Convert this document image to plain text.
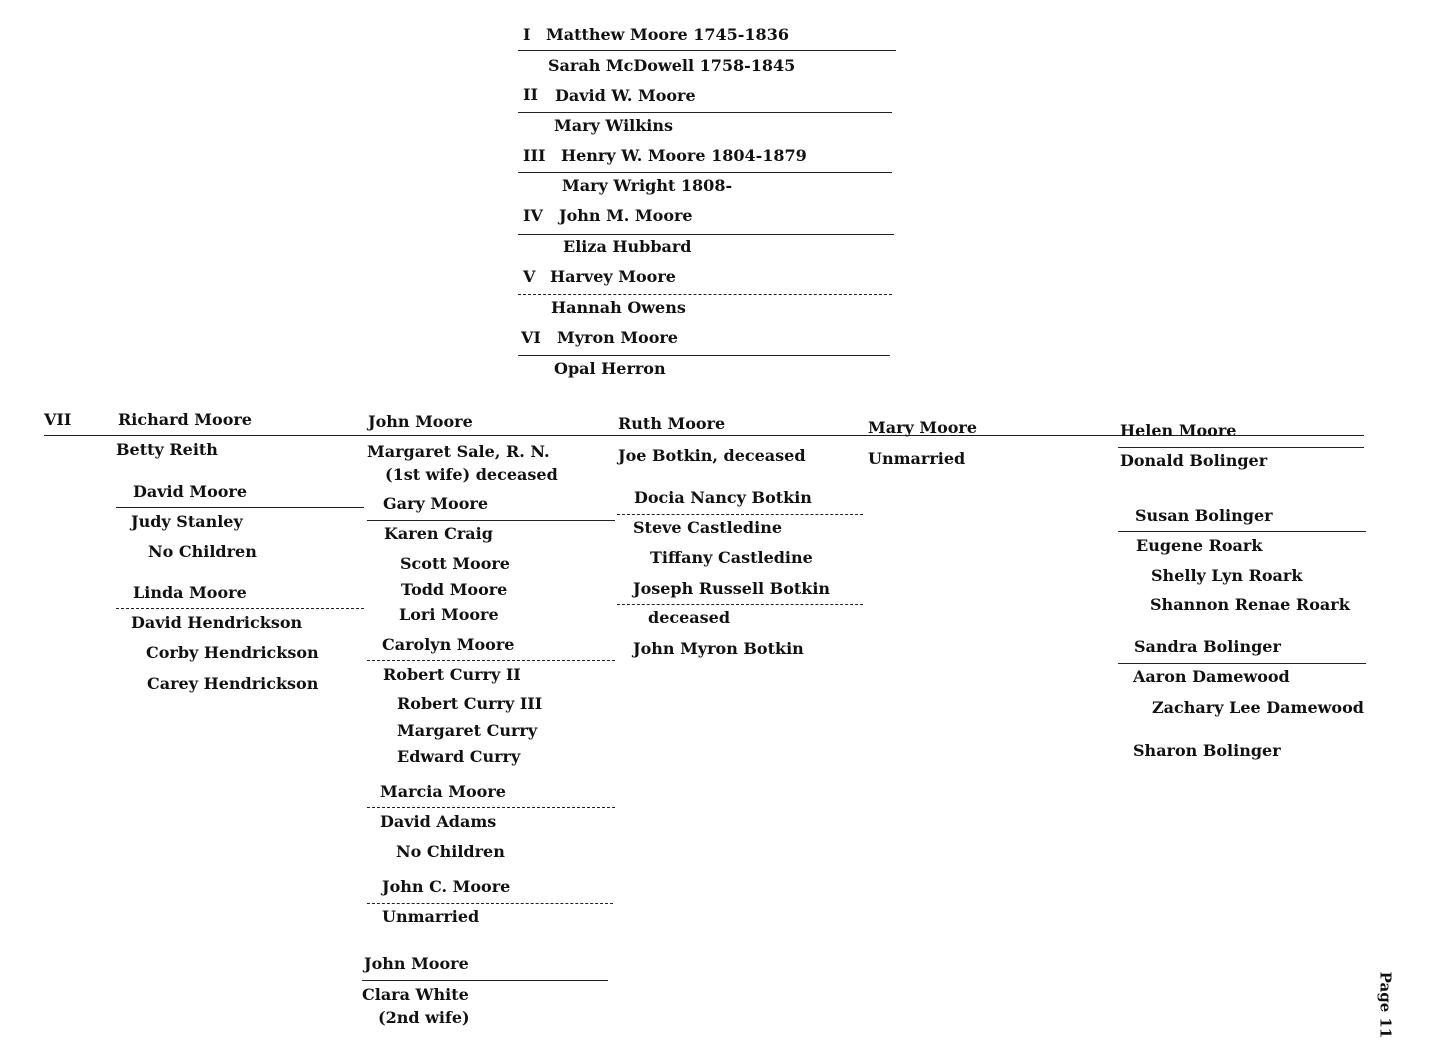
I Matthew Moore 1745-1836
Sarah McDowell 1758-1845
II David W. Moore
Mary Wilkins
III Henry W. Moore 1804-1879
Mary Wright 1808-
IV John M. Moore
Eliza Hubbard
V Harvey Moore
Hannah Owens
VI Myron Moore
Opal Herron
VII	Richard Moore
Betty Reith
David Moore
Judy Stanley
No Children
Linda Moore
David Hendrickson
Corby Hendrickson
Carey Hendrickson
John Moore
Margaret Sale, R. N.
(1st wife) deceased
Gary Moore
Karen Craig
Scott Moore
Todd Moore
Lori Moore
Carolyn Moore
Robert Curry II
Robert Curry III
Margaret Curry
Edward Curry
Marcia Moore
David Adams
No Children
John C. Moore
Unmarried
John Moore
Clara White
(2nd wife)
Ruth Moore
Joe Botkin, deceased
Docia Nancy Botkin
Steve Castledine
Tiffany Castledine
Joseph Russell Botkin
deceased
John Myron Botkin
Mary Moore
Unmarried
Helen Moore
Donald Bolinger
Susan Bolinger
Eugene Roark
Shelly Lyn Roark
Shannon Renae Roark
Sandra Bolinger
Aaron Damewood
Zachary Lee Damewood
Sharon Bolinger
Page 11
